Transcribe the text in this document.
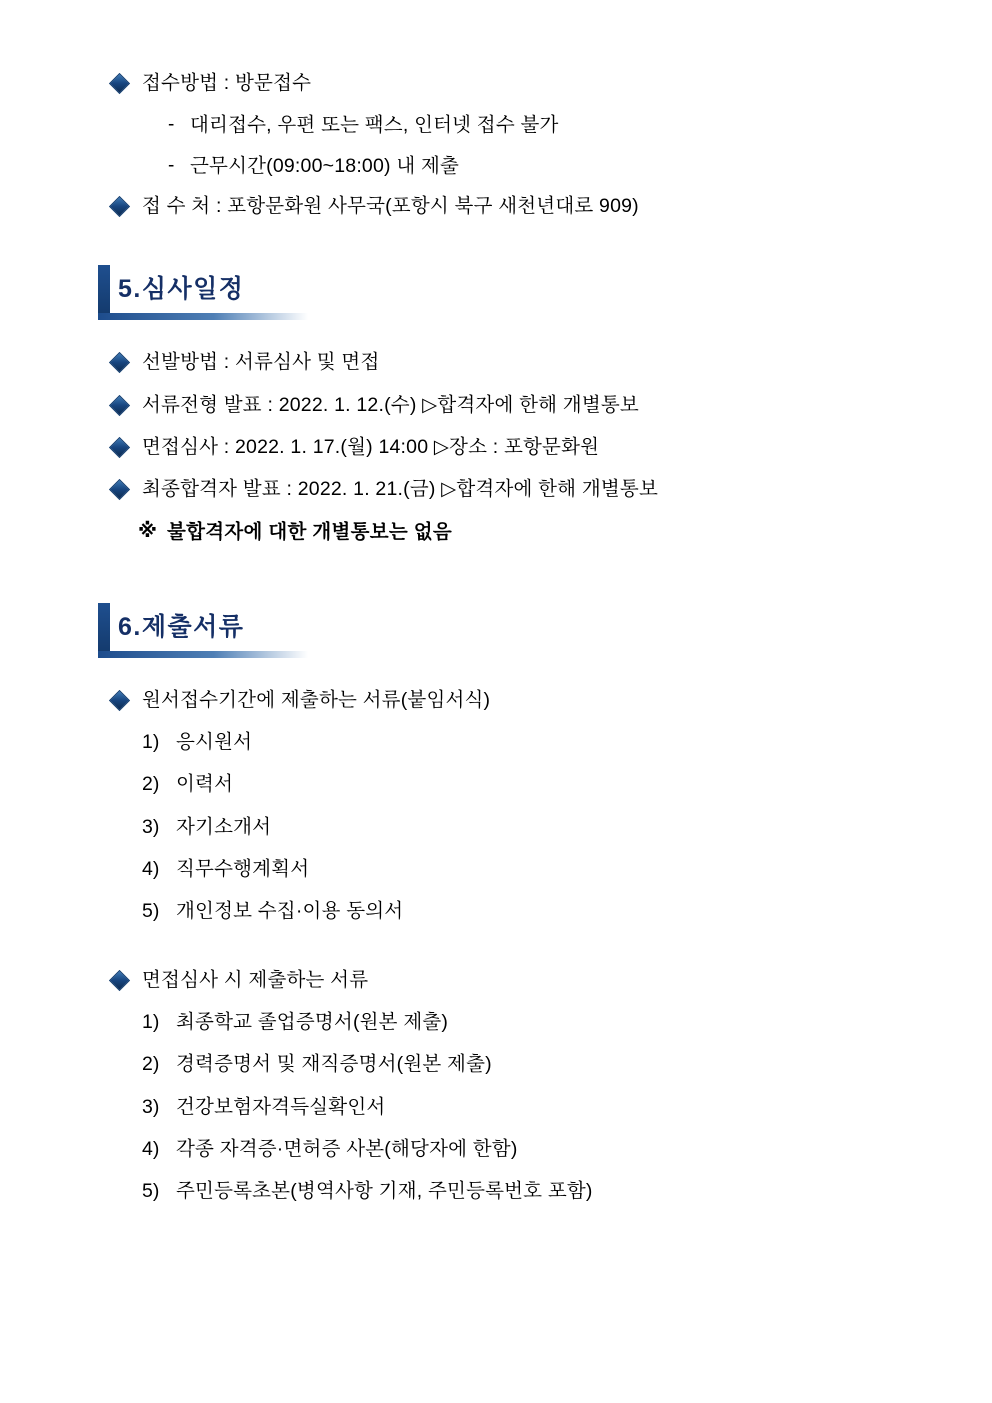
접수방법 : 방문접수
- 대리접수, 우편 또는 팩스, 인터넷 접수 불가
- 근무시간(09:00~18:00) 내 제출
접 수 처 : 포항문화원 사무국(포항시 북구 새천년대로 909)
5.심사일정
선발방법 : 서류심사 및 면접
서류전형 발표 : 2022. 1. 12.(수) ▷합격자에 한해 개별통보
면접심사 : 2022. 1. 17.(월) 14:00 ▷장소 : 포항문화원
최종합격자 발표 : 2022. 1. 21.(금) ▷합격자에 한해 개별통보
※ 불합격자에 대한 개별통보는 없음
6.제출서류
원서접수기간에 제출하는 서류(붙임서식)
1) 응시원서
2) 이력서
3) 자기소개서
4) 직무수행계획서
5) 개인정보 수집·이용 동의서
면접심사 시 제출하는 서류
1) 최종학교 졸업증명서(원본 제출)
2) 경력증명서 및 재직증명서(원본 제출)
3) 건강보험자격득실확인서
4) 각종 자격증·면허증 사본(해당자에 한함)
5) 주민등록초본(병역사항 기재, 주민등록번호 포함)
